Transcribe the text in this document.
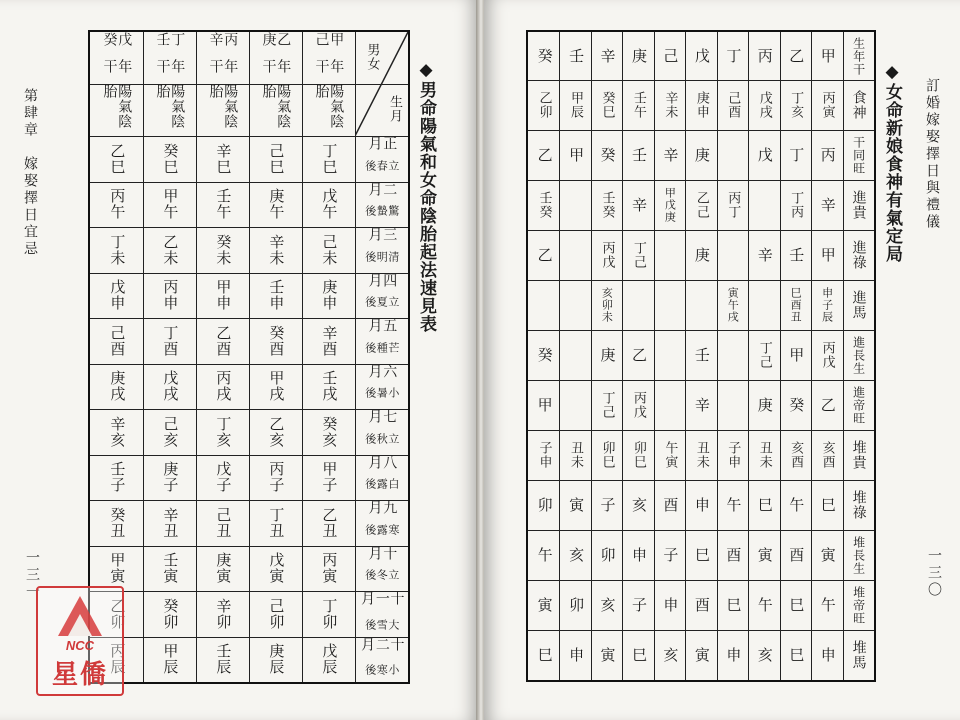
第肆章　嫁娶擇日宜忌
一三一
◆男命陽氣和女命陰胎起法速見表
男女
生月
甲己
年干
陽氣陰胎
乙庚
年干
陽氣陰胎
丙辛
年干
陽氣陰胎
丁壬
年干
陽氣陰胎
戊癸
年干
陽氣陰胎
正月
立春後
丁巳
己巳
辛巳
癸巳
乙巳
二月
驚蟄後
戊午
庚午
壬午
甲午
丙午
三月
清明後
己未
辛未
癸未
乙未
丁未
四月
立夏後
庚申
壬申
甲申
丙申
戊申
五月
芒種後
辛酉
癸酉
乙酉
丁酉
己酉
六月
小暑後
壬戌
甲戌
丙戌
戊戌
庚戌
七月
立秋後
癸亥
乙亥
丁亥
己亥
辛亥
八月
白露後
甲子
丙子
戊子
庚子
壬子
九月
寒露後
乙丑
丁丑
己丑
辛丑
癸丑
十月
立冬後
丙寅
戊寅
庚寅
壬寅
甲寅
十一月
大雪後
丁卯
己卯
辛卯
癸卯
乙卯
十二月
小寒後
戊辰
庚辰
壬辰
甲辰
丙辰
訂婚嫁娶擇日與禮儀
一三〇
◆女命新娘食神有氣定局
生年干
甲
乙
丙
丁
戊
己
庚
辛
壬
癸
食神
丙寅
丁亥
戊戌
己酉
庚申
辛未
壬午
癸巳
甲辰
乙卯
干同旺
丙
丁
戊
庚
辛
壬
癸
甲
乙
進貴
辛
丁丙
丙丁
乙己
甲戊庚
辛
壬癸
壬癸
進祿
甲
壬
辛
庚
丁己
丙戊
乙
進馬
申子辰
巳酉丑
寅午戌
亥卯未
進長生
丙戊
甲
丁己
壬
乙
庚
癸
進帝旺
乙
癸
庚
辛
丙戊
丁己
甲
堆貴
亥酉
亥酉
丑未
子申
丑未
午寅
卯巳
卯巳
丑未
子申
堆祿
巳
午
巳
午
申
酉
亥
子
寅
卯
堆長生
寅
酉
寅
酉
巳
子
申
卯
亥
午
堆帝旺
午
巳
午
巳
酉
申
子
亥
卯
寅
堆馬
申
巳
亥
申
寅
亥
巳
寅
申
巳
NCC
星僑
